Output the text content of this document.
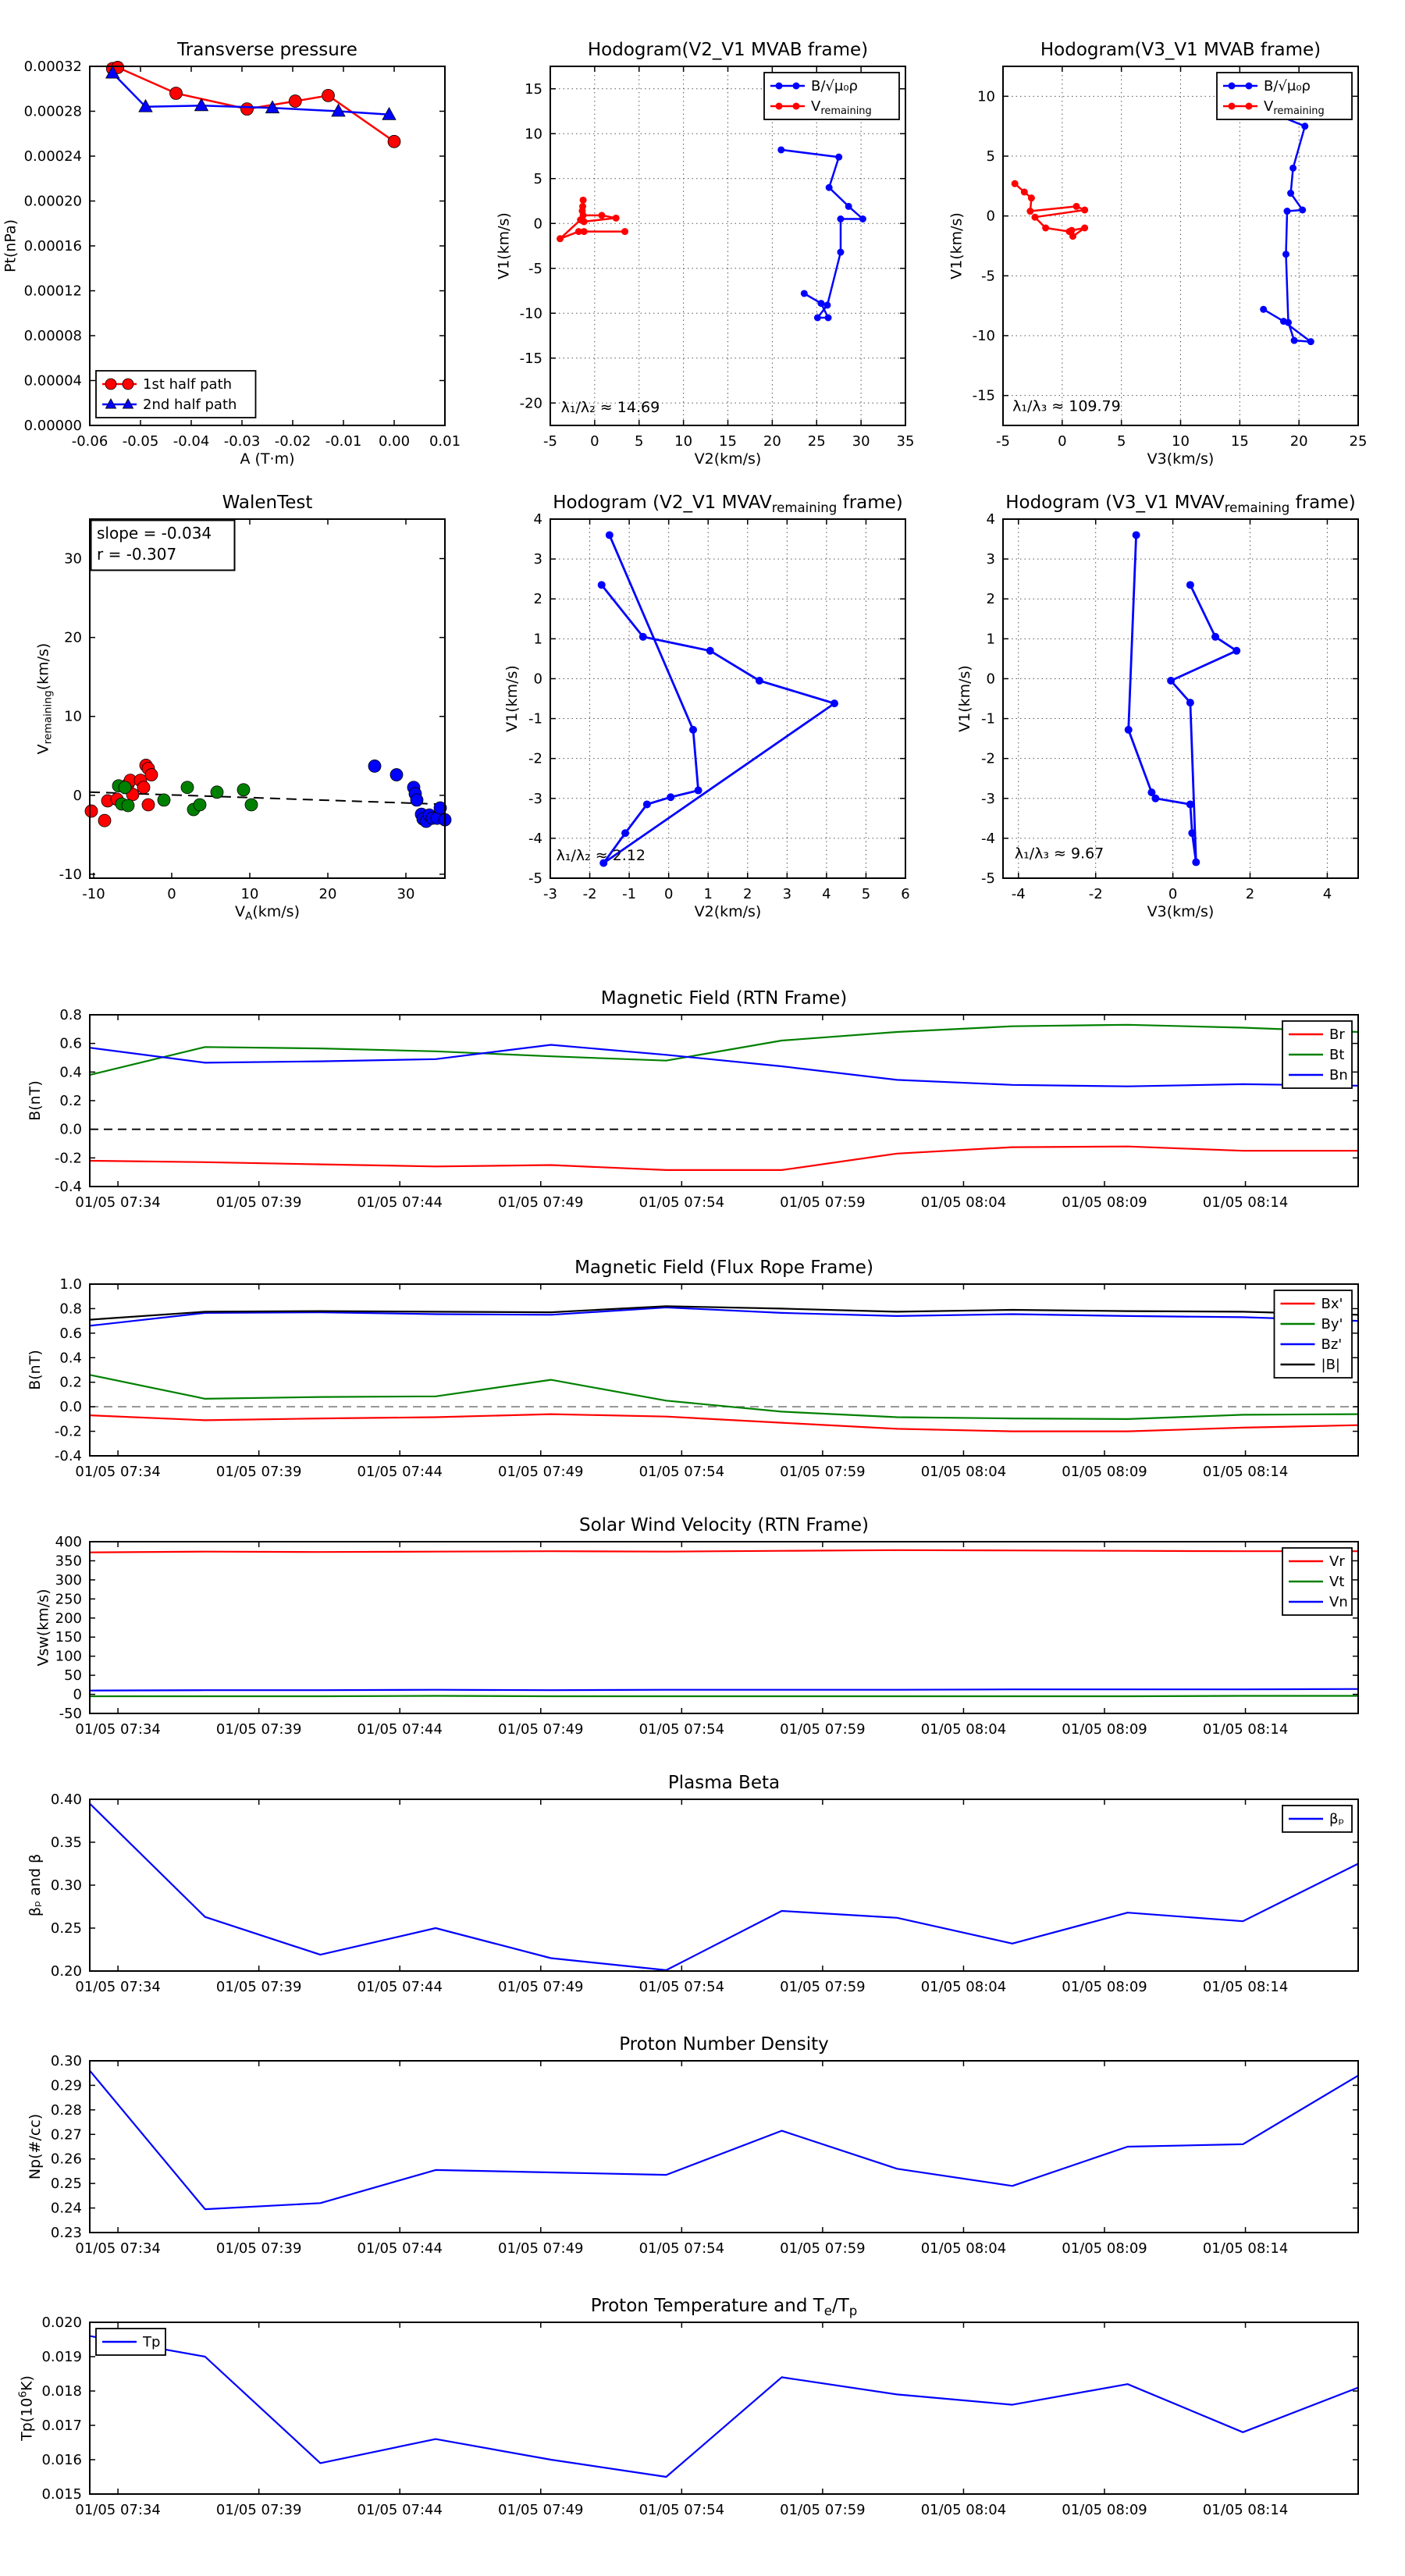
-0.06 -0.05 -0.04 -0.03 -0.02 -0.01 0.00 0.01
0.00000
0.00004
0.00008
0.00012
0.00016
0.00020
0.00024
0.00028
0.00032
Transverse pressure
A (T·m)
Pt(nPa)
1st half path
2nd half path
-5 0	5 10 15 20 25 30 35
-20
-15
-10
-5
0
5
10
15
Hodogram(V2_V1 MVAB frame)
V2(km/s)
V1(km/s)
λ₁/λ₂ ≈ 14.69
B/√μ₀ρ
$V_{remaining}$
-5	0	5	10	15	20	25
-15
-10
-5
0
5
10
Hodogram(V3_V1 MVAB frame)
V3(km/s)
V1(km/s)
λ₁/λ₃ ≈ 109.79
B/√μ₀ρ
$V_{remaining}$
-10	0	10	20	30
-10
0
10
20
30
WalenTest
$V_A(km/s)$
$V_{remaining}(km/s)$
slope = -0.034
r = -0.307
-3 -2 -1 0 1 2 3 4 5 6
-5
-4
-3
-2
-1
0
1
2
3
4
Hodogram (V2_V1 $MVAV_{remaining}$ frame)
V2(km/s)
V1(km/s)
λ₁/λ₂ ≈ 2.12
-4	-2	0	2	4
-5
-4
-3
-2
-1
0
1
2
3
4
Hodogram (V3_V1 $MVAV_{remaining}$ frame)
V3(km/s)
V1(km/s)
λ₁/λ₃ ≈ 9.67
01/05 07:34	01/05 07:39	01/05 07:44	01/05 07:49	01/05 07:54	01/05 07:59	01/05 08:04	01/05 08:09	01/05 08:14
-0.4
-0.2
0.0
0.2
0.4
0.6
0.8
Magnetic Field (RTN Frame)
B(nT)
Br
Bt
Bn
01/05 07:34	01/05 07:39	01/05 07:44	01/05 07:49	01/05 07:54	01/05 07:59	01/05 08:04	01/05 08:09	01/05 08:14
-0.4
-0.2
0.0
0.2
0.4
0.6
0.8
1.0
Magnetic Field (Flux Rope Frame)
B(nT)
Bx'
By'
Bz'
|B|
01/05 07:34	01/05 07:39	01/05 07:44	01/05 07:49	01/05 07:54	01/05 07:59	01/05 08:04	01/05 08:09	01/05 08:14
-50
0
50
100
150
200
250
300
350
400
Solar Wind Velocity (RTN Frame)
Vsw(km/s)
Vr
Vt
Vn
01/05 07:34	01/05 07:39	01/05 07:44	01/05 07:49	01/05 07:54	01/05 07:59	01/05 08:04	01/05 08:09	01/05 08:14
0.20
0.25
0.30
0.35
0.40
Plasma Beta
βₚ and β
βₚ
01/05 07:34	01/05 07:39	01/05 07:44	01/05 07:49	01/05 07:54	01/05 07:59	01/05 08:04	01/05 08:09	01/05 08:14
0.23
0.24
0.25
0.26
0.27
0.28
0.29
0.30
Proton Number Density
Np(#/cc)
01/05 07:34	01/05 07:39	01/05 07:44	01/05 07:49	01/05 07:54	01/05 07:59	01/05 08:04	01/05 08:09	01/05 08:14
0.015
0.016
0.017
0.018
0.019
0.020
Proton Temperature and $T_e/T_p$
$Tp(10^6K)$
Tp
